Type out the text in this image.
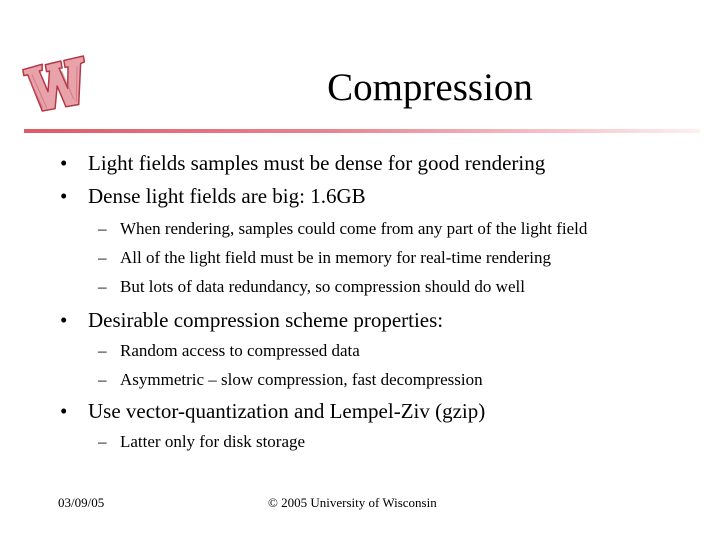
Compression
• Light fields samples must be dense for good rendering
• Dense light fields are big: 1.6GB
– When rendering, samples could come from any part of the light field
– All of the light field must be in memory for real-time rendering
– But lots of data redundancy, so compression should do well
• Desirable compression scheme properties:
– Random access to compressed data
– Asymmetric – slow compression, fast decompression
• Use vector-quantization and Lempel-Ziv (gzip)
– Latter only for disk storage
03/09/05	© 2005 University of Wisconsin
